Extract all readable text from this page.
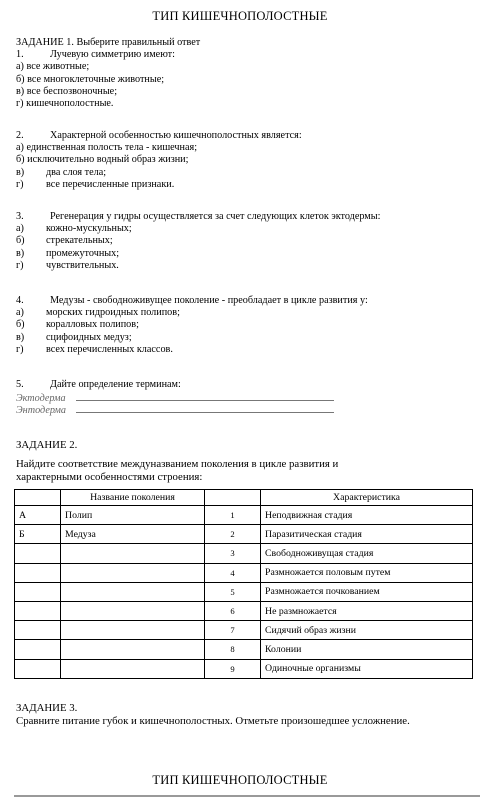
ТИП КИШЕЧНОПОЛОСТНЫЕ
ЗАДАНИЕ 1. Выберите правильный ответ
1.	Лучевую симметрию имеют:
а) все животные;
б) все многоклеточные животные;
в) все беспозвоночные;
г) кишечнополостные.
2.	Характерной особенностью кишечнополостных является:
а) единственная полость тела - кишечная;
б) исключительно водный образ жизни;
в) два слоя тела;
г) все перечисленные признаки.
3.	Регенерация у гидры осуществляется за счет следующих клеток эктодермы:
а) кожно-мускульных;
б) стрекательных;
в) промежуточных;
г) чувствительных.
4.	Медузы - свободноживущее поколение - преобладает в цикле развития у:
а) морских гидроидных полипов;
б) коралловых полипов;
в) сцифоидных медуз;
г) всех перечисленных классов.
5.	Дайте определение терминам:
Эктодерма
Энтодерма
ЗАДАНИЕ 2.
Найдите соответствие междуназванием поколения в цикле развития и
характерными особенностями строения:
	Название поколения		Характеристика
А	Полип	1	Неподвижная стадия
Б	Медуза	2	Паразитическая стадия
		3	Свободноживущая стадия
		4	Размножается половым путем
		5	Размножается почкованием
		6	Не размножается
		7	Сидячий образ жизни
		8	Колонии
		9	Одиночные организмы
ЗАДАНИЕ 3.
Сравните питание губок и кишечнополостных. Отметьте произошедшее усложнение.
ТИП КИШЕЧНОПОЛОСТНЫЕ
